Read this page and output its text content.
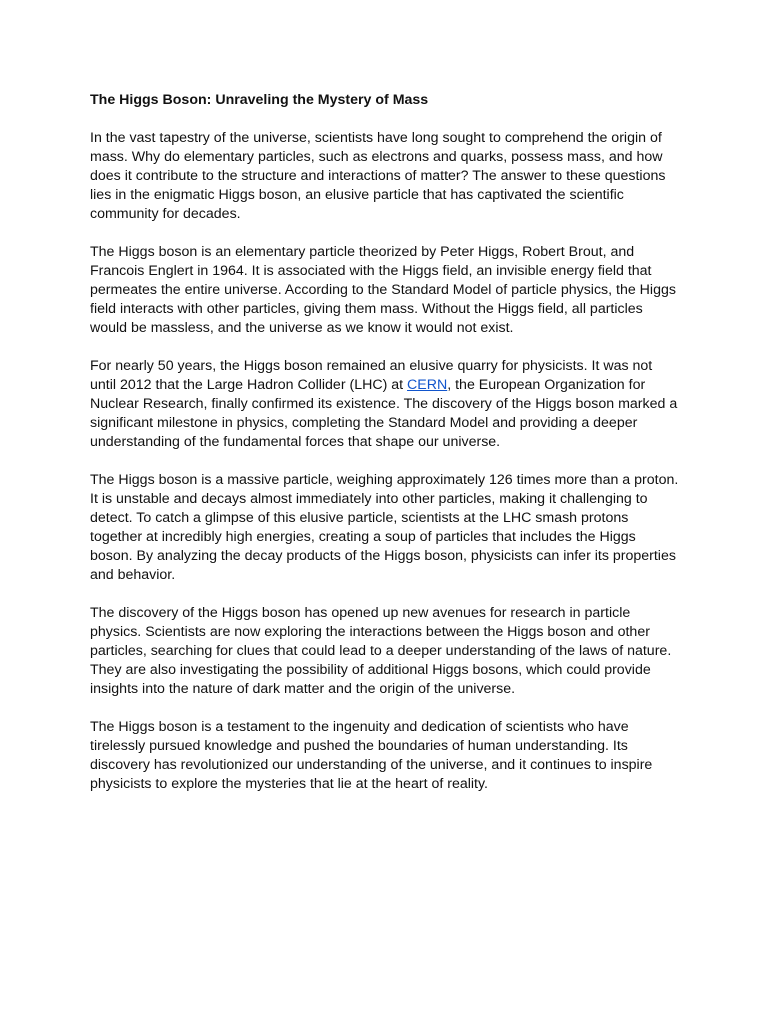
The Higgs Boson: Unraveling the Mystery of Mass

In the vast tapestry of the universe, scientists have long sought to comprehend the origin of mass. Why do elementary particles, such as electrons and quarks, possess mass, and how does it contribute to the structure and interactions of matter? The answer to these questions lies in the enigmatic Higgs boson, an elusive particle that has captivated the scientific community for decades.

The Higgs boson is an elementary particle theorized by Peter Higgs, Robert Brout, and Francois Englert in 1964. It is associated with the Higgs field, an invisible energy field that permeates the entire universe. According to the Standard Model of particle physics, the Higgs field interacts with other particles, giving them mass. Without the Higgs field, all particles would be massless, and the universe as we know it would not exist.

For nearly 50 years, the Higgs boson remained an elusive quarry for physicists. It was not until 2012 that the Large Hadron Collider (LHC) at CERN, the European Organization for Nuclear Research, finally confirmed its existence. The discovery of the Higgs boson marked a significant milestone in physics, completing the Standard Model and providing a deeper understanding of the fundamental forces that shape our universe.

The Higgs boson is a massive particle, weighing approximately 126 times more than a proton. It is unstable and decays almost immediately into other particles, making it challenging to detect. To catch a glimpse of this elusive particle, scientists at the LHC smash protons together at incredibly high energies, creating a soup of particles that includes the Higgs boson. By analyzing the decay products of the Higgs boson, physicists can infer its properties and behavior.

The discovery of the Higgs boson has opened up new avenues for research in particle physics. Scientists are now exploring the interactions between the Higgs boson and other particles, searching for clues that could lead to a deeper understanding of the laws of nature. They are also investigating the possibility of additional Higgs bosons, which could provide insights into the nature of dark matter and the origin of the universe.

The Higgs boson is a testament to the ingenuity and dedication of scientists who have tirelessly pursued knowledge and pushed the boundaries of human understanding. Its discovery has revolutionized our understanding of the universe, and it continues to inspire physicists to explore the mysteries that lie at the heart of reality.
